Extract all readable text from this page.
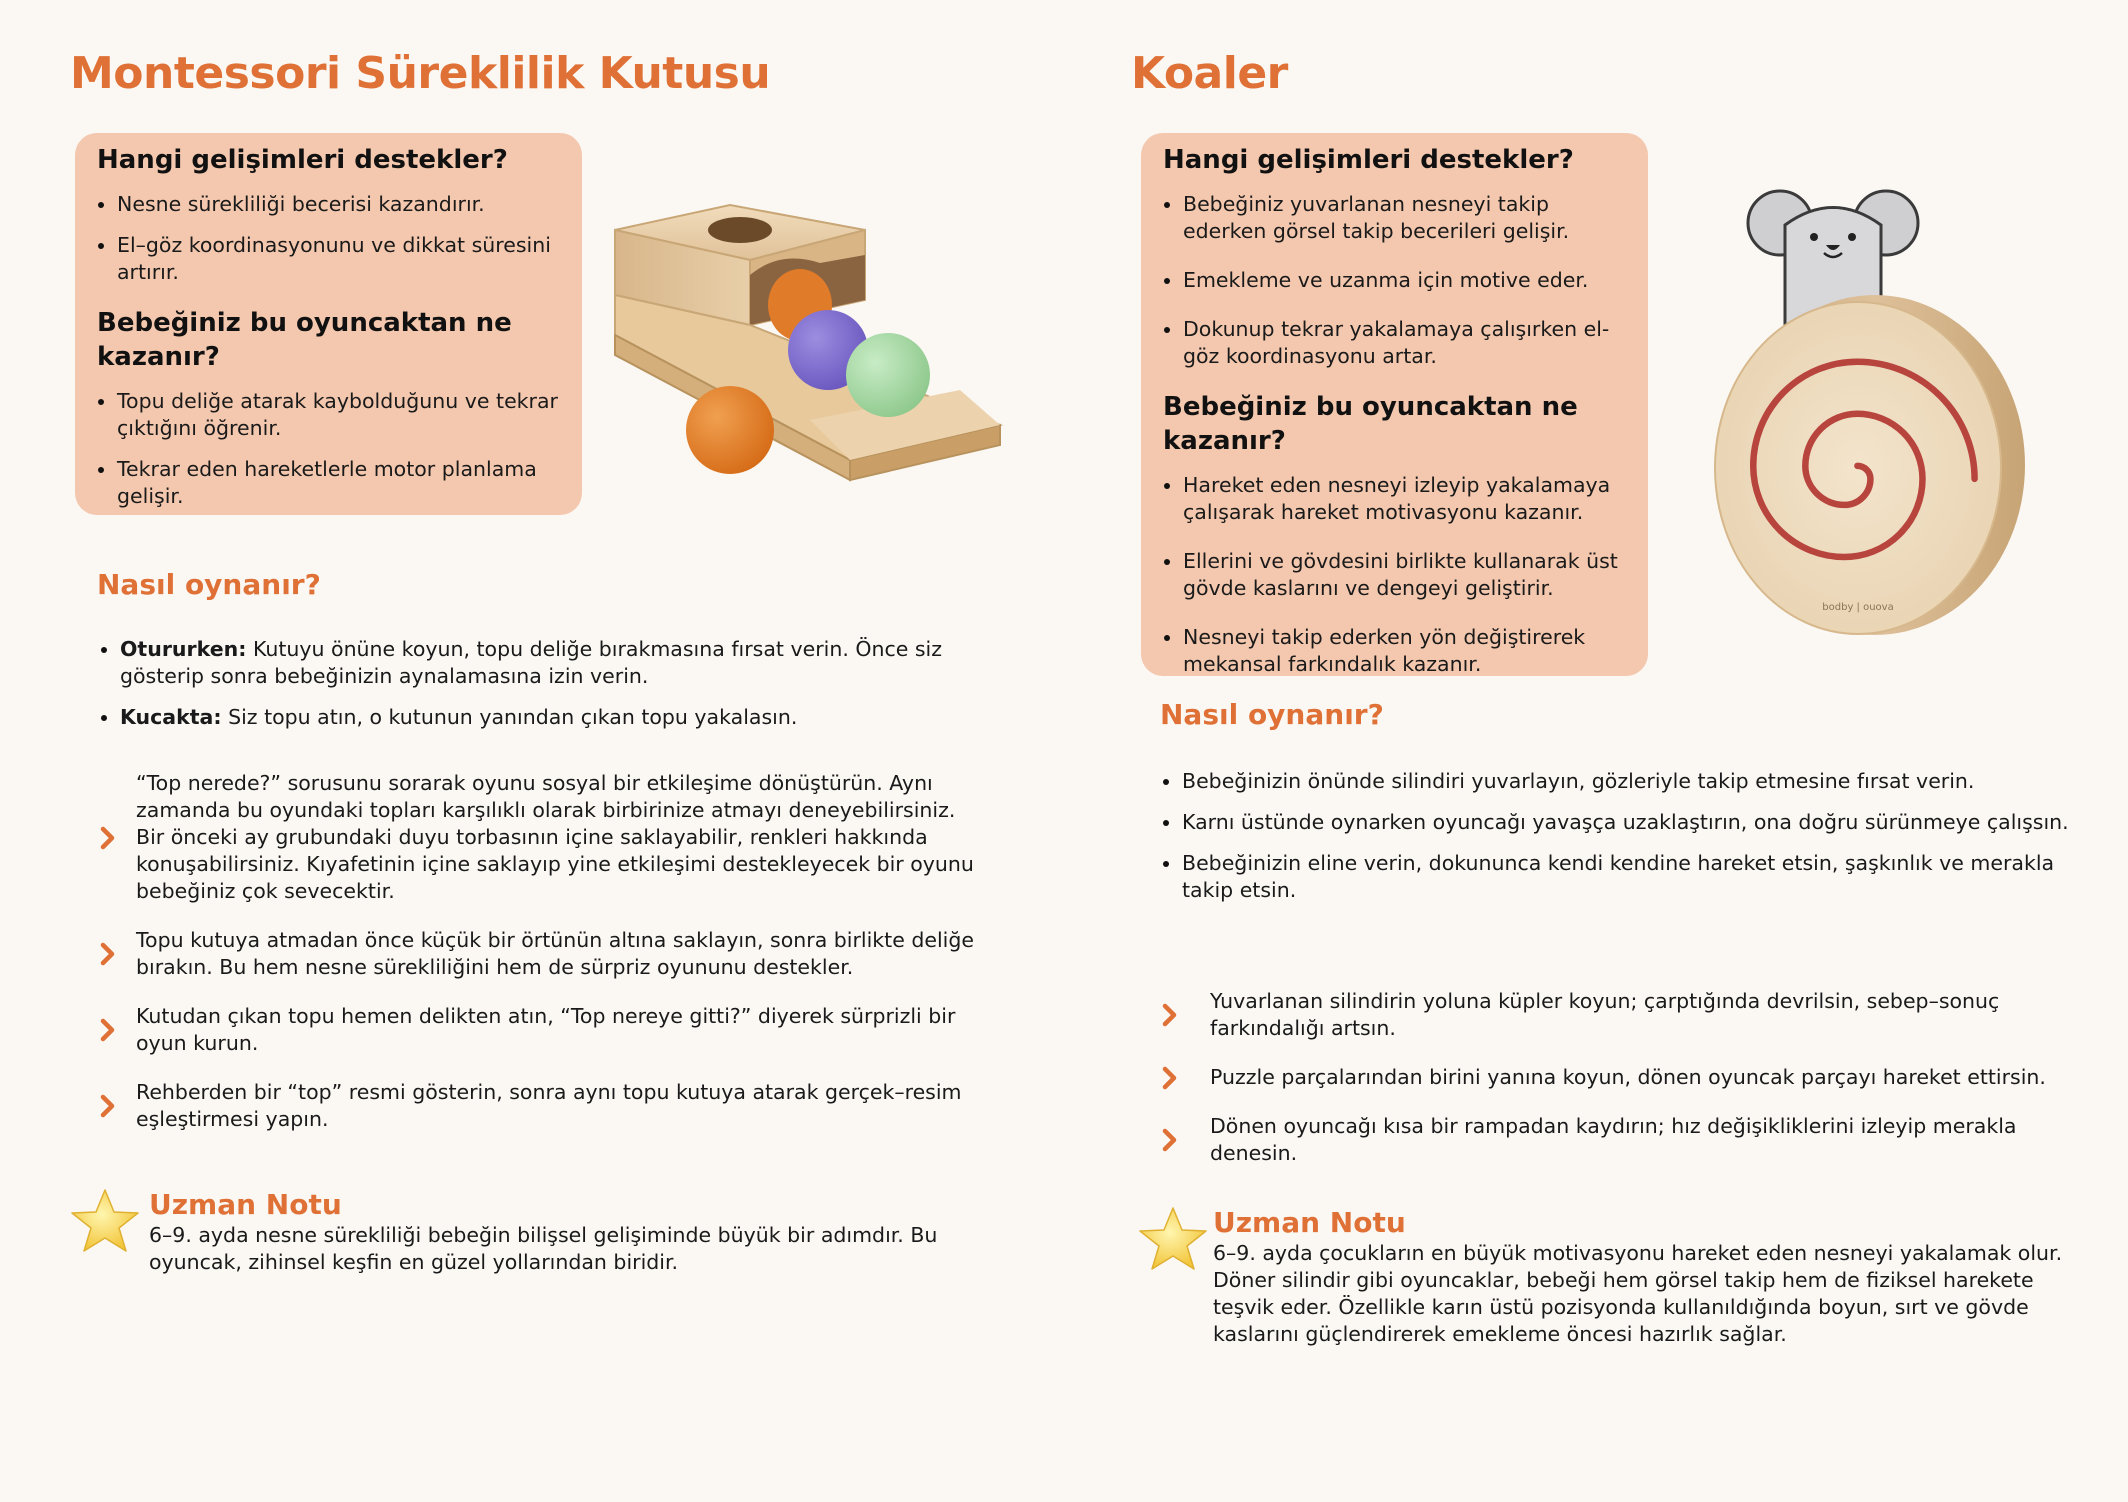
Montessori Süreklilik Kutusu
Hangi gelişimleri destekler?
Nesne sürekliliği becerisi kazandırır.
El–göz koordinasyonunu ve dikkat süresini artırır.
Bebeğiniz bu oyuncaktan ne kazanır?
Topu deliğe atarak kaybolduğunu ve tekrar çıktığını öğrenir.
Tekrar eden hareketlerle motor planlama gelişir.
Nasıl oynanır?
Otururken: Kutuyu önüne koyun, topu deliğe bırakmasına fırsat verin. Önce siz gösterip sonra bebeğinizin aynalamasına izin verin.
Kucakta: Siz topu atın, o kutunun yanından çıkan topu yakalasın.
“Top nerede?” sorusunu sorarak oyunu sosyal bir etkileşime dönüştürün. Aynı zamanda bu oyundaki topları karşılıklı olarak birbirinize atmayı deneyebilirsiniz. Bir önceki ay grubundaki duyu torbasının içine saklayabilir, renkleri hakkında konuşabilirsiniz. Kıyafetinin içine saklayıp yine etkileşimi destekleyecek bir oyunu bebeğiniz çok sevecektir.
Topu kutuya atmadan önce küçük bir örtünün altına saklayın, sonra birlikte deliğe bırakın. Bu hem nesne sürekliliğini hem de sürpriz oyununu destekler.
Kutudan çıkan topu hemen delikten atın, “Top nereye gitti?” diyerek sürprizli bir oyun kurun.
Rehberden bir “top” resmi gösterin, sonra aynı topu kutuya atarak gerçek–resim eşleştirmesi yapın.
Uzman Notu

6–9. ayda nesne sürekliliği bebeğin bilişsel gelişiminde büyük bir adımdır. Bu oyuncak, zihinsel keşfin en güzel yollarından biridir.

Koaler
Hangi gelişimleri destekler?
Bebeğiniz yuvarlanan nesneyi takip ederken görsel takip becerileri gelişir.
Emekleme ve uzanma için motive eder.
Dokunup tekrar yakalamaya çalışırken el-göz koordinasyonu artar.
Bebeğiniz bu oyuncaktan ne kazanır?
Hareket eden nesneyi izleyip yakalamaya çalışarak hareket motivasyonu kazanır.
Ellerini ve gövdesini birlikte kullanarak üst gövde kaslarını ve dengeyi geliştirir.
Nesneyi takip ederken yön değiştirerek mekansal farkındalık kazanır.
bodby | ouova
Nasıl oynanır?
Bebeğinizin önünde silindiri yuvarlayın, gözleriyle takip etmesine fırsat verin.
Karnı üstünde oynarken oyuncağı yavaşça uzaklaştırın, ona doğru sürünmeye çalışsın.
Bebeğinizin eline verin, dokununca kendi kendine hareket etsin, şaşkınlık ve merakla takip etsin.
Yuvarlanan silindirin yoluna küpler koyun; çarptığında devrilsin, sebep–sonuç farkındalığı artsın.
Puzzle parçalarından birini yanına koyun, dönen oyuncak parçayı hareket ettirsin.
Dönen oyuncağı kısa bir rampadan kaydırın; hız değişikliklerini izleyip merakla denesin.
Uzman Notu

6–9. ayda çocukların en büyük motivasyonu hareket eden nesneyi yakalamak olur. Döner silindir gibi oyuncaklar, bebeği hem görsel takip hem de fiziksel harekete teşvik eder. Özellikle karın üstü pozisyonda kullanıldığında boyun, sırt ve gövde kaslarını güçlendirerek emekleme öncesi hazırlık sağlar.
